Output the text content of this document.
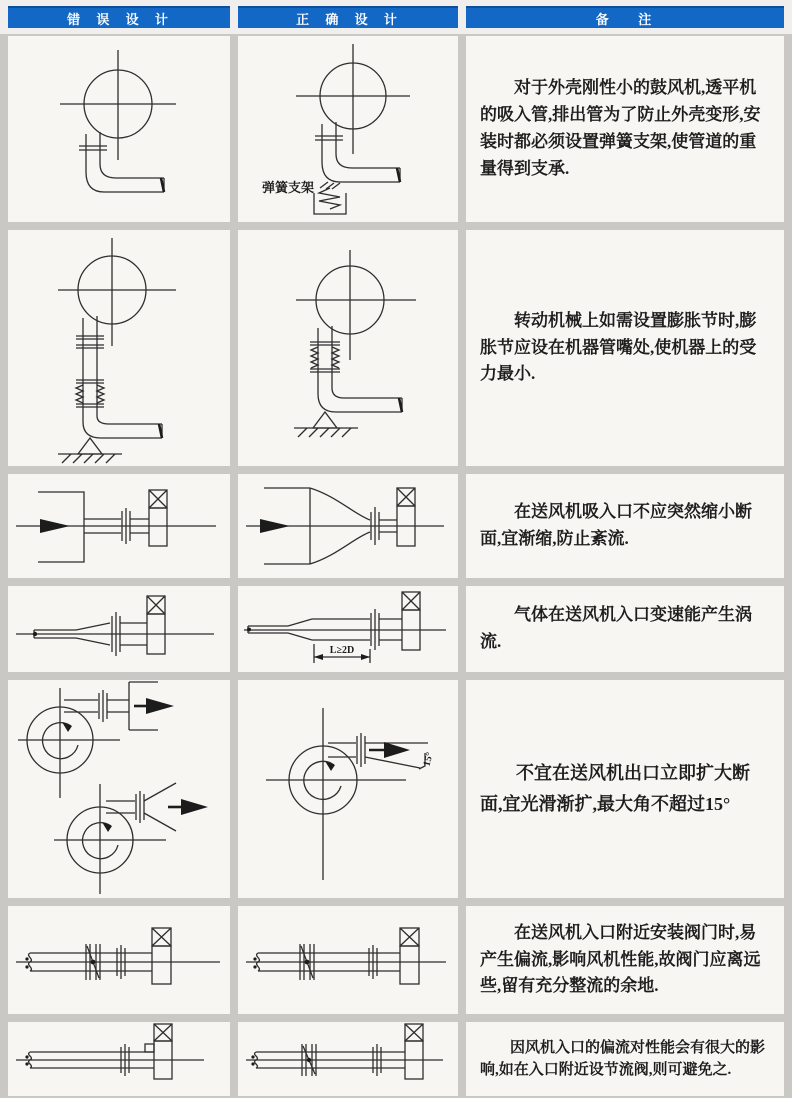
错  误  设  计	正  确  设  计	备    注
弹簧支架

对于外壳刚性小的鼓风机,透平机的吸入管,排出管为了防止外壳变形,安装时都必须设置弹簧支架,使管道的重量得到支承.

转动机械上如需设置膨胀节时,膨胀节应设在机器管嘴处,使机器上的受力最小.

在送风机吸入口不应突然缩小断面,宜渐缩,防止紊流.

L≥2D

气体在送风机入口变速能产生涡流.

15°

不宜在送风机出口立即扩大断面,宜光滑渐扩,最大角不超过15°

在送风机入口附近安装阀门时,易产生偏流,影响风机性能,故阀门应离远些,留有充分整流的余地.

因风机入口的偏流对性能会有很大的影响,如在入口附近设节流阀,则可避免之.
